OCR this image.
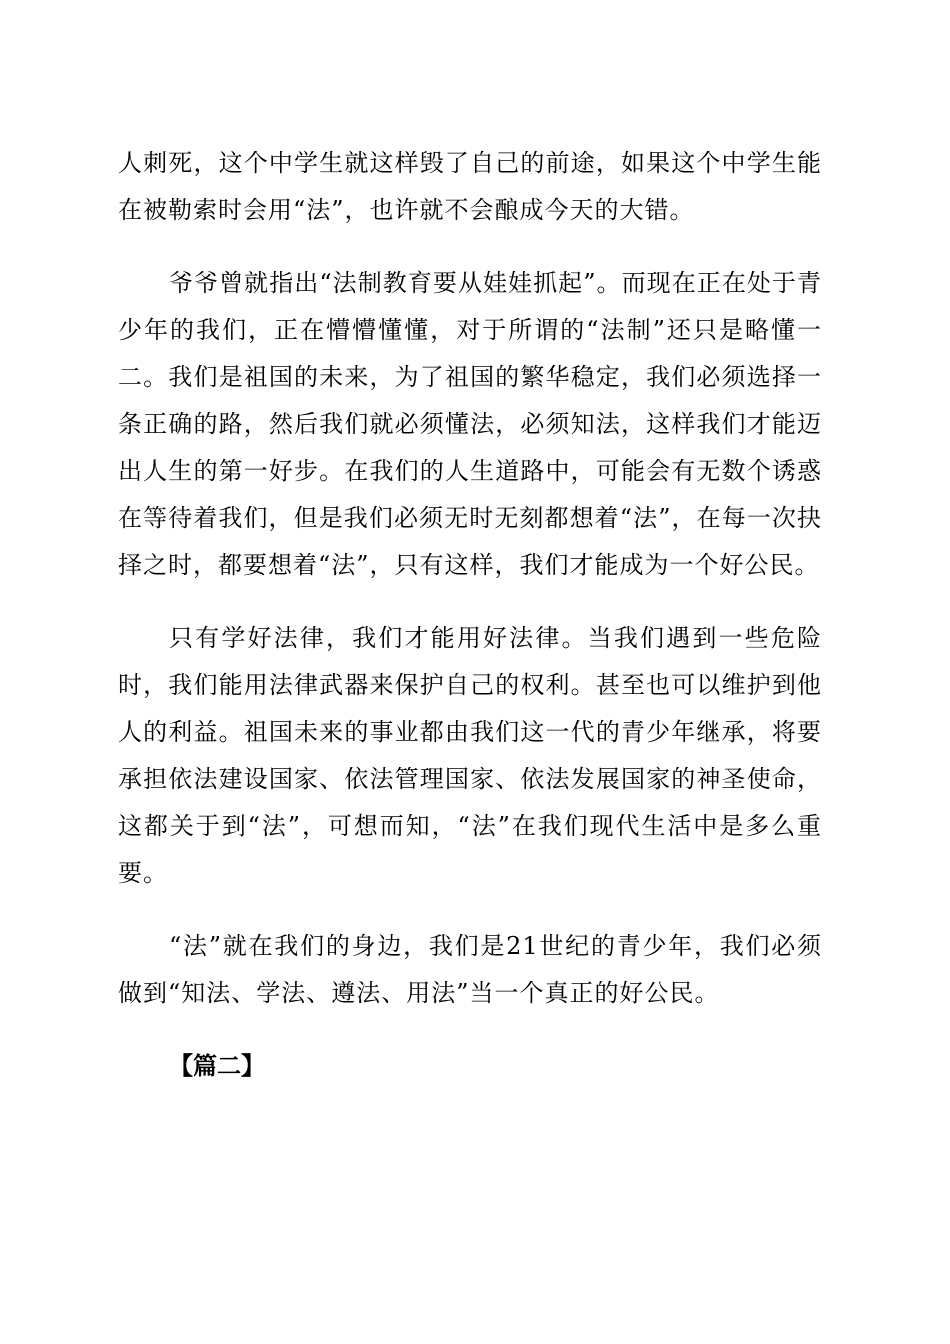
人刺死，这个中学生就这样毁了自己的前途，如果这个中学生能在被勒索时会用“法”，也许就不会酿成今天的大错。

爷爷曾就指出“法制教育要从娃娃抓起”。而现在正在处于青少年的我们，正在懵懵懂懂，对于所谓的“法制”还只是略懂一二。我们是祖国的未来，为了祖国的繁华稳定，我们必须选择一条正确的路，然后我们就必须懂法，必须知法，这样我们才能迈出人生的第一好步。在我们的人生道路中，可能会有无数个诱惑在等待着我们，但是我们必须无时无刻都想着“法”，在每一次抉择之时，都要想着“法”，只有这样，我们才能成为一个好公民。

只有学好法律，我们才能用好法律。当我们遇到一些危险时，我们能用法律武器来保护自己的权利。甚至也可以维护到他人的利益。祖国未来的事业都由我们这一代的青少年继承，将要承担依法建设国家、依法管理国家、依法发展国家的神圣使命，这都关于到“法”，可想而知，“法”在我们现代生活中是多么重要。

“法”就在我们的身边，我们是21世纪的青少年，我们必须做到“知法、学法、遵法、用法”当一个真正的好公民。

【篇二】
